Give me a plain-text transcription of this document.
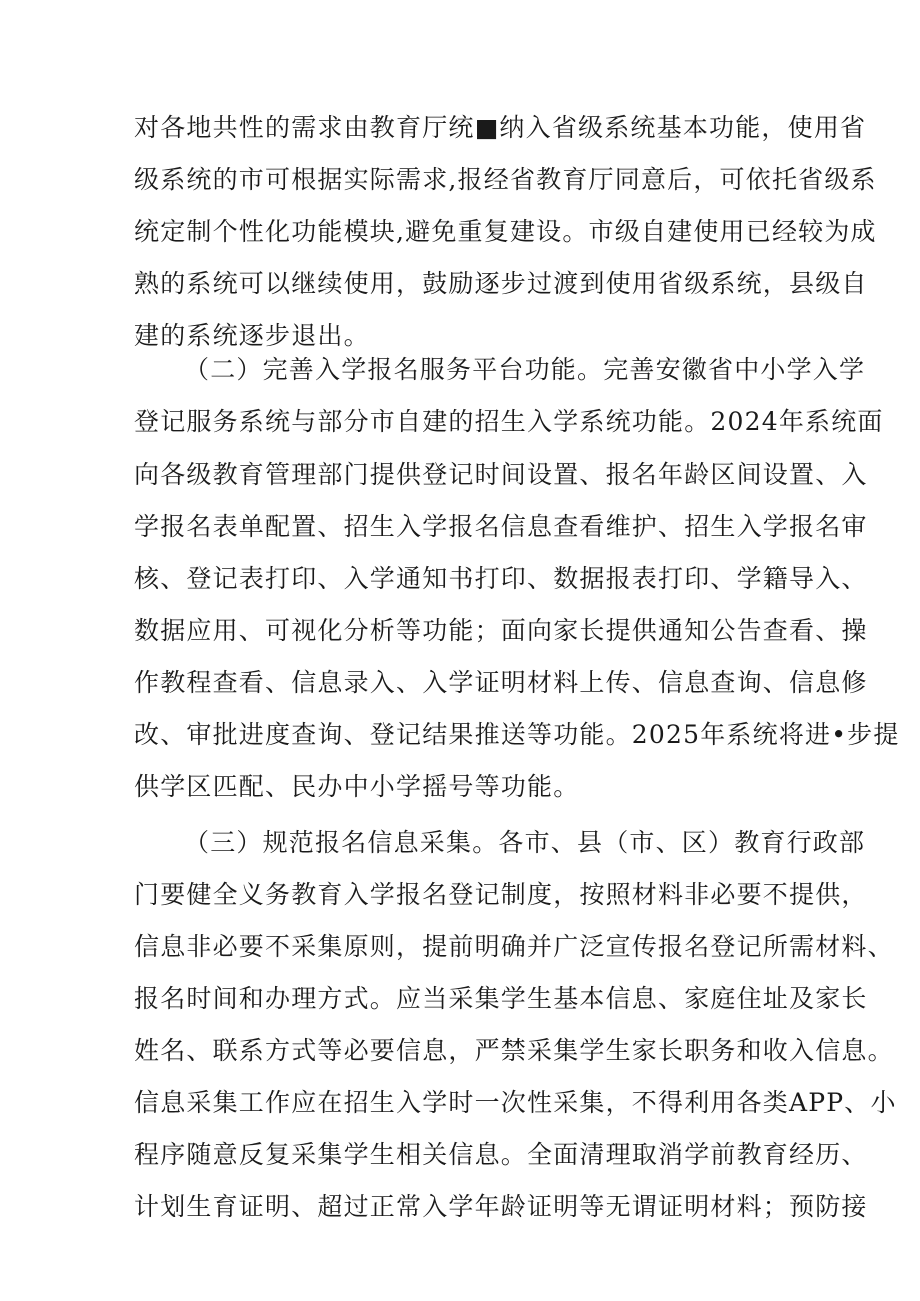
对各地共性的需求由教育厅统■纳入省级系统基本功能，使用省
级系统的市可根据实际需求,报经省教育厅同意后，可依托省级系
统定制个性化功能模块,避免重复建设。市级自建使用已经较为成
熟的系统可以继续使用，鼓励逐步过渡到使用省级系统，县级自
建的系统逐步退出。
（二）完善入学报名服务平台功能。完善安徽省中小学入学
登记服务系统与部分市自建的招生入学系统功能。2024年系统面
向各级教育管理部门提供登记时间设置、报名年龄区间设置、入
学报名表单配置、招生入学报名信息查看维护、招生入学报名审
核、登记表打印、入学通知书打印、数据报表打印、学籍导入、
数据应用、可视化分析等功能；面向家长提供通知公告查看、操
作教程查看、信息录入、入学证明材料上传、信息查询、信息修
改、审批进度查询、登记结果推送等功能。2025年系统将进•步提
供学区匹配、民办中小学摇号等功能。
（三）规范报名信息采集。各市、县（市、区）教育行政部
门要健全义务教育入学报名登记制度，按照材料非必要不提供，
信息非必要不采集原则，提前明确并广泛宣传报名登记所需材料、
报名时间和办理方式。应当采集学生基本信息、家庭住址及家长
姓名、联系方式等必要信息，严禁采集学生家长职务和收入信息。
信息采集工作应在招生入学时一次性采集，不得利用各类APP、小
程序随意反复采集学生相关信息。全面清理取消学前教育经历、
计划生育证明、超过正常入学年龄证明等无谓证明材料；预防接
